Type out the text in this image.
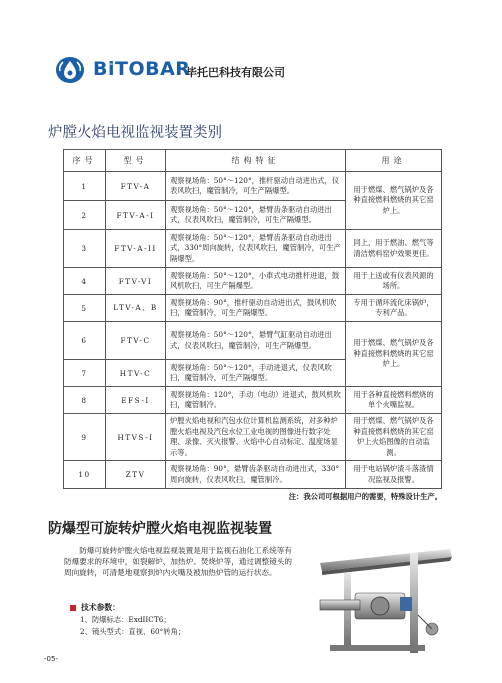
BiTOBAR
毕托巴科技有限公司
炉膛火焰电视监视装置类别
序号	型号	结构特征	用途
1	FTV-A	观察视场角：50°～120°，推杆驱动自动进出式，仪表风吹扫，魔管制冷，可生产隔爆型。	用于燃煤、燃气锅炉及各种直接燃料燃烧的其它窑炉上。
2	FTV-A-I	观察视场角：50°～120°，悬臂齿条驱动自动进出式，仪表风吹扫，魔管制冷，可生产隔爆型。	
3	FTV-A-II	观察视场角：50°～120°，悬臂齿条驱动自动进出式，330°周向旋转，仪表风吹扫，魔管制冷，可生产隔爆型。	同上，用于燃油、燃气等清洁燃料窑炉效果更佳。
4	FTV-VI	观察视场角：50°～120°，小車式电动推杆进退，鼓风机吹扫，可生产隔爆型。	用于上送或有仪表风源的场所。
5	LTV-A、B	观察视场角：90°，推杆驱动自动进出式，鼓风机吹扫，魔管制冷，可生产隔爆型。	专用于循环流化床锅炉，专利产品。
6	FTV-C	观察视场角：50°～120°，悬臂气缸驱动自动进出式，仪表风吹扫，魔管制冷，可生产隔爆型。	用于燃煤、燃气锅炉及各种直接燃料燃烧的其它窑炉上。
7	HTV-C	观察视场角：50°～120°，手动进退式，仪表风吹扫，魔管制冷，可生产隔爆型。	
8	EFS-I	观察视场角：120°，手动（电动）进退式，鼓风机吹扫，魔管制冷。	用于各种直接燃料燃烧的单个火嘴监视。
9	HTVS-I	炉膛火焰电视和汽包水位计算机监测系统，对多种炉膛火焰电视及汽包水位工业电视的图像进行数字处理、录像、灭火报警、火焰中心自动标定、温度场显示等。	用于燃煤、燃气锅炉及各种直接燃料燃烧的其它窑炉上火焰图像的自动监测。
10	ZTV	观察视场角：90°，悬臂齿条驱动自动进出式，330°周向旋转，仪表风吹扫，魔管制冷。	用于电站锅炉渣斗落渣情况监视及报警。
注：我公司可根据用户的需要，特殊设计生产。
防爆型可旋转炉膛火焰电视监视装置
防爆可旋转炉膛火焰电视监视装置是用于监视石油化工系统等有防爆要求的环境中，如裂解炉、加热炉、焚烧炉等，通过调整镜头的周向旋转，可清楚地观察到炉内火嘴及被加热炉管的运行状态。
技术参数：
1、防爆标志：ExdIICT6；
2、镜头型式：直视、60°转角；
-05-
